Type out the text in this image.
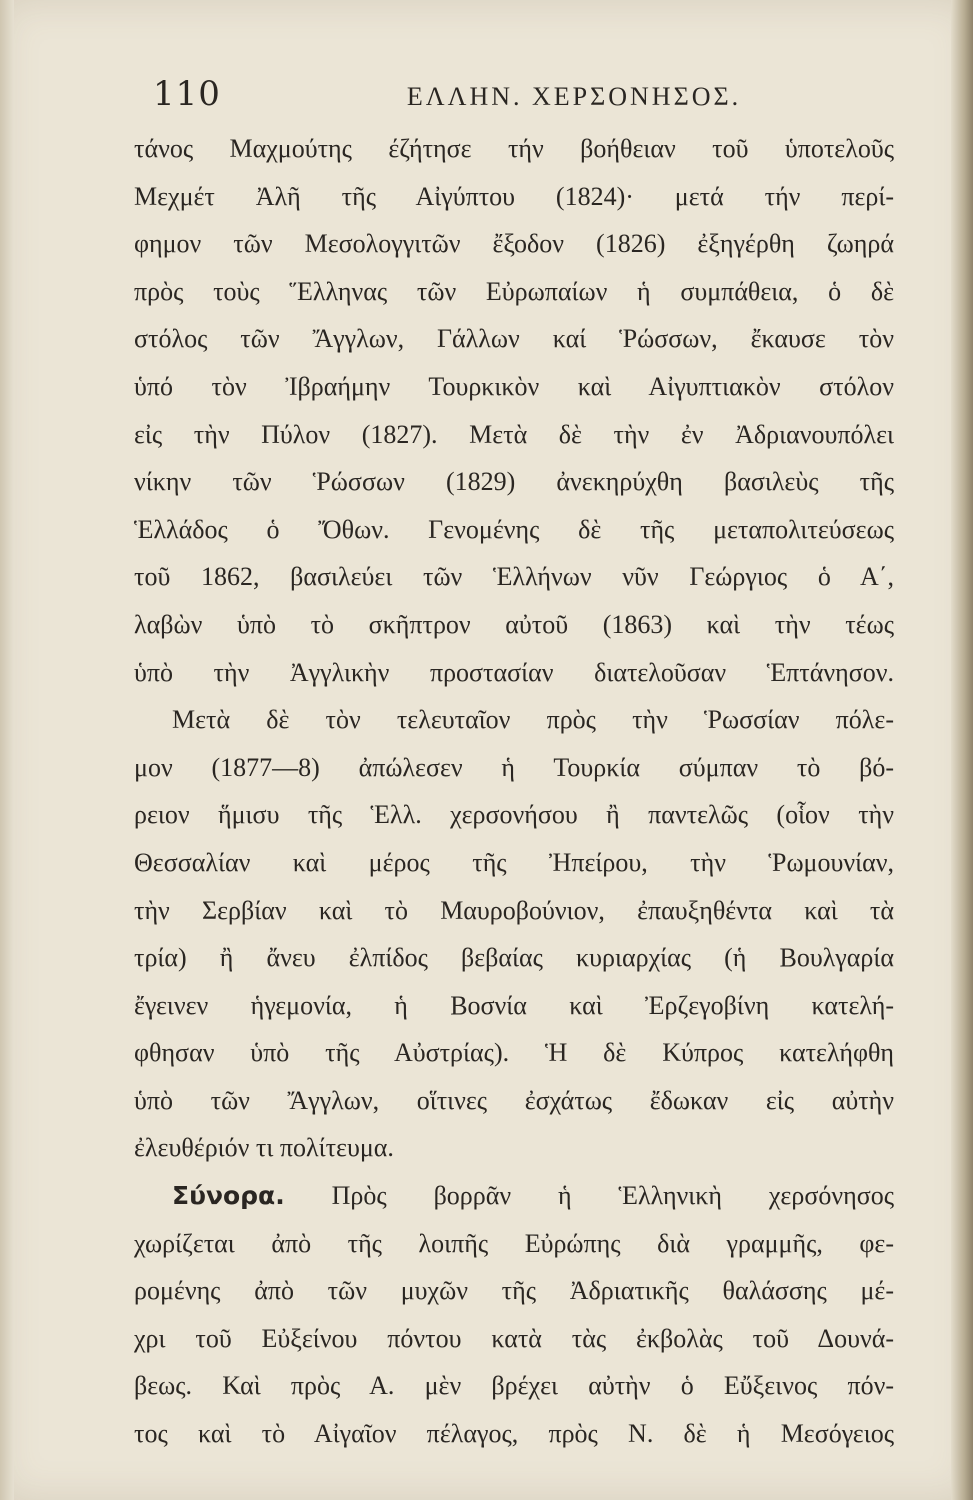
110	ΕΛΛΗΝ. ΧΕΡΣΟΝΗΣΟΣ.
τάνος Μαχμούτης έζήτησε τήν βοήθειαν τοῦ ὑποτελοῦς
Μεχμέτ Ἀλῆ τῆς Αἰγύπτου (1824)· μετά τήν περί-
φημον τῶν Μεσολογγιτῶν ἔξοδον (1826) ἐξηγέρθη ζωηρά
πρὸς τοὺς Ἕλληνας τῶν Εὐρωπαίων ἡ συμπάθεια, ὁ δὲ
στόλος τῶν Ἄγγλων, Γάλλων καί Ῥώσσων, ἔκαυσε τὸν
ὑπό τὸν Ἰβραήμην Τουρκικὸν καὶ Αἰγυπτιακὸν στόλον
εἰς τὴν Πύλον (1827). Μετὰ δὲ τὴν ἐν Ἀδριανουπόλει
νίκην τῶν Ῥώσσων (1829) ἀνεκηρύχθη βασιλεὺς τῆς
Ἑλλάδος ὁ Ὄθων. Γενομένης δὲ τῆς μεταπολιτεύσεως
τοῦ 1862, βασιλεύει τῶν Ἑλλήνων νῦν Γεώργιος ὁ Α΄,
λαβὼν ὑπὸ τὸ σκῆπτρον αὐτοῦ (1863) καὶ τὴν τέως
ὑπὸ τὴν Ἀγγλικὴν προστασίαν διατελοῦσαν Ἑπτάνησον.
Μετὰ δὲ τὸν τελευταῖον πρὸς τὴν Ῥωσσίαν πόλε-
μον (1877—8) ἀπώλεσεν ἡ Τουρκία σύμπαν τὸ βό-
ρειον ἥμισυ τῆς Ἑλλ. χερσονήσου ἢ παντελῶς (οἷον τὴν
Θεσσαλίαν καὶ μέρος τῆς Ἠπείρου, τὴν Ῥωμουνίαν,
τὴν Σερβίαν καὶ τὸ Μαυροβούνιον, ἐπαυξηθέντα καὶ τὰ
τρία) ἢ ἄνευ ἐλπίδος βεβαίας κυριαρχίας (ἡ Βουλγαρία
ἔγεινεν ἡγεμονία, ἡ Βοσνία καὶ Ἐρζεγοβίνη κατελή-
φθησαν ὑπὸ τῆς Αὐστρίας). Ἡ δὲ Κύπρος κατελήφθη
ὑπὸ τῶν Ἄγγλων, οἵτινες ἐσχάτως ἔδωκαν εἰς αὐτὴν
ἐλευθέριόν τι πολίτευμα.
Σύνορα. Πρὸς βορρᾶν ἡ Ἑλληνικὴ χερσόνησος
χωρίζεται ἀπὸ τῆς λοιπῆς Εὐρώπης διὰ γραμμῆς, φε-
ρομένης ἀπὸ τῶν μυχῶν τῆς Ἀδριατικῆς θαλάσσης μέ-
χρι τοῦ Εὐξείνου πόντου κατὰ τὰς ἐκβολὰς τοῦ Δουνά-
βεως. Καὶ πρὸς Α. μὲν βρέχει αὐτὴν ὁ Εὔξεινος πόν-
τος καὶ τὸ Αἰγαῖον πέλαγος, πρὸς Ν. δὲ ἡ Μεσόγειος
